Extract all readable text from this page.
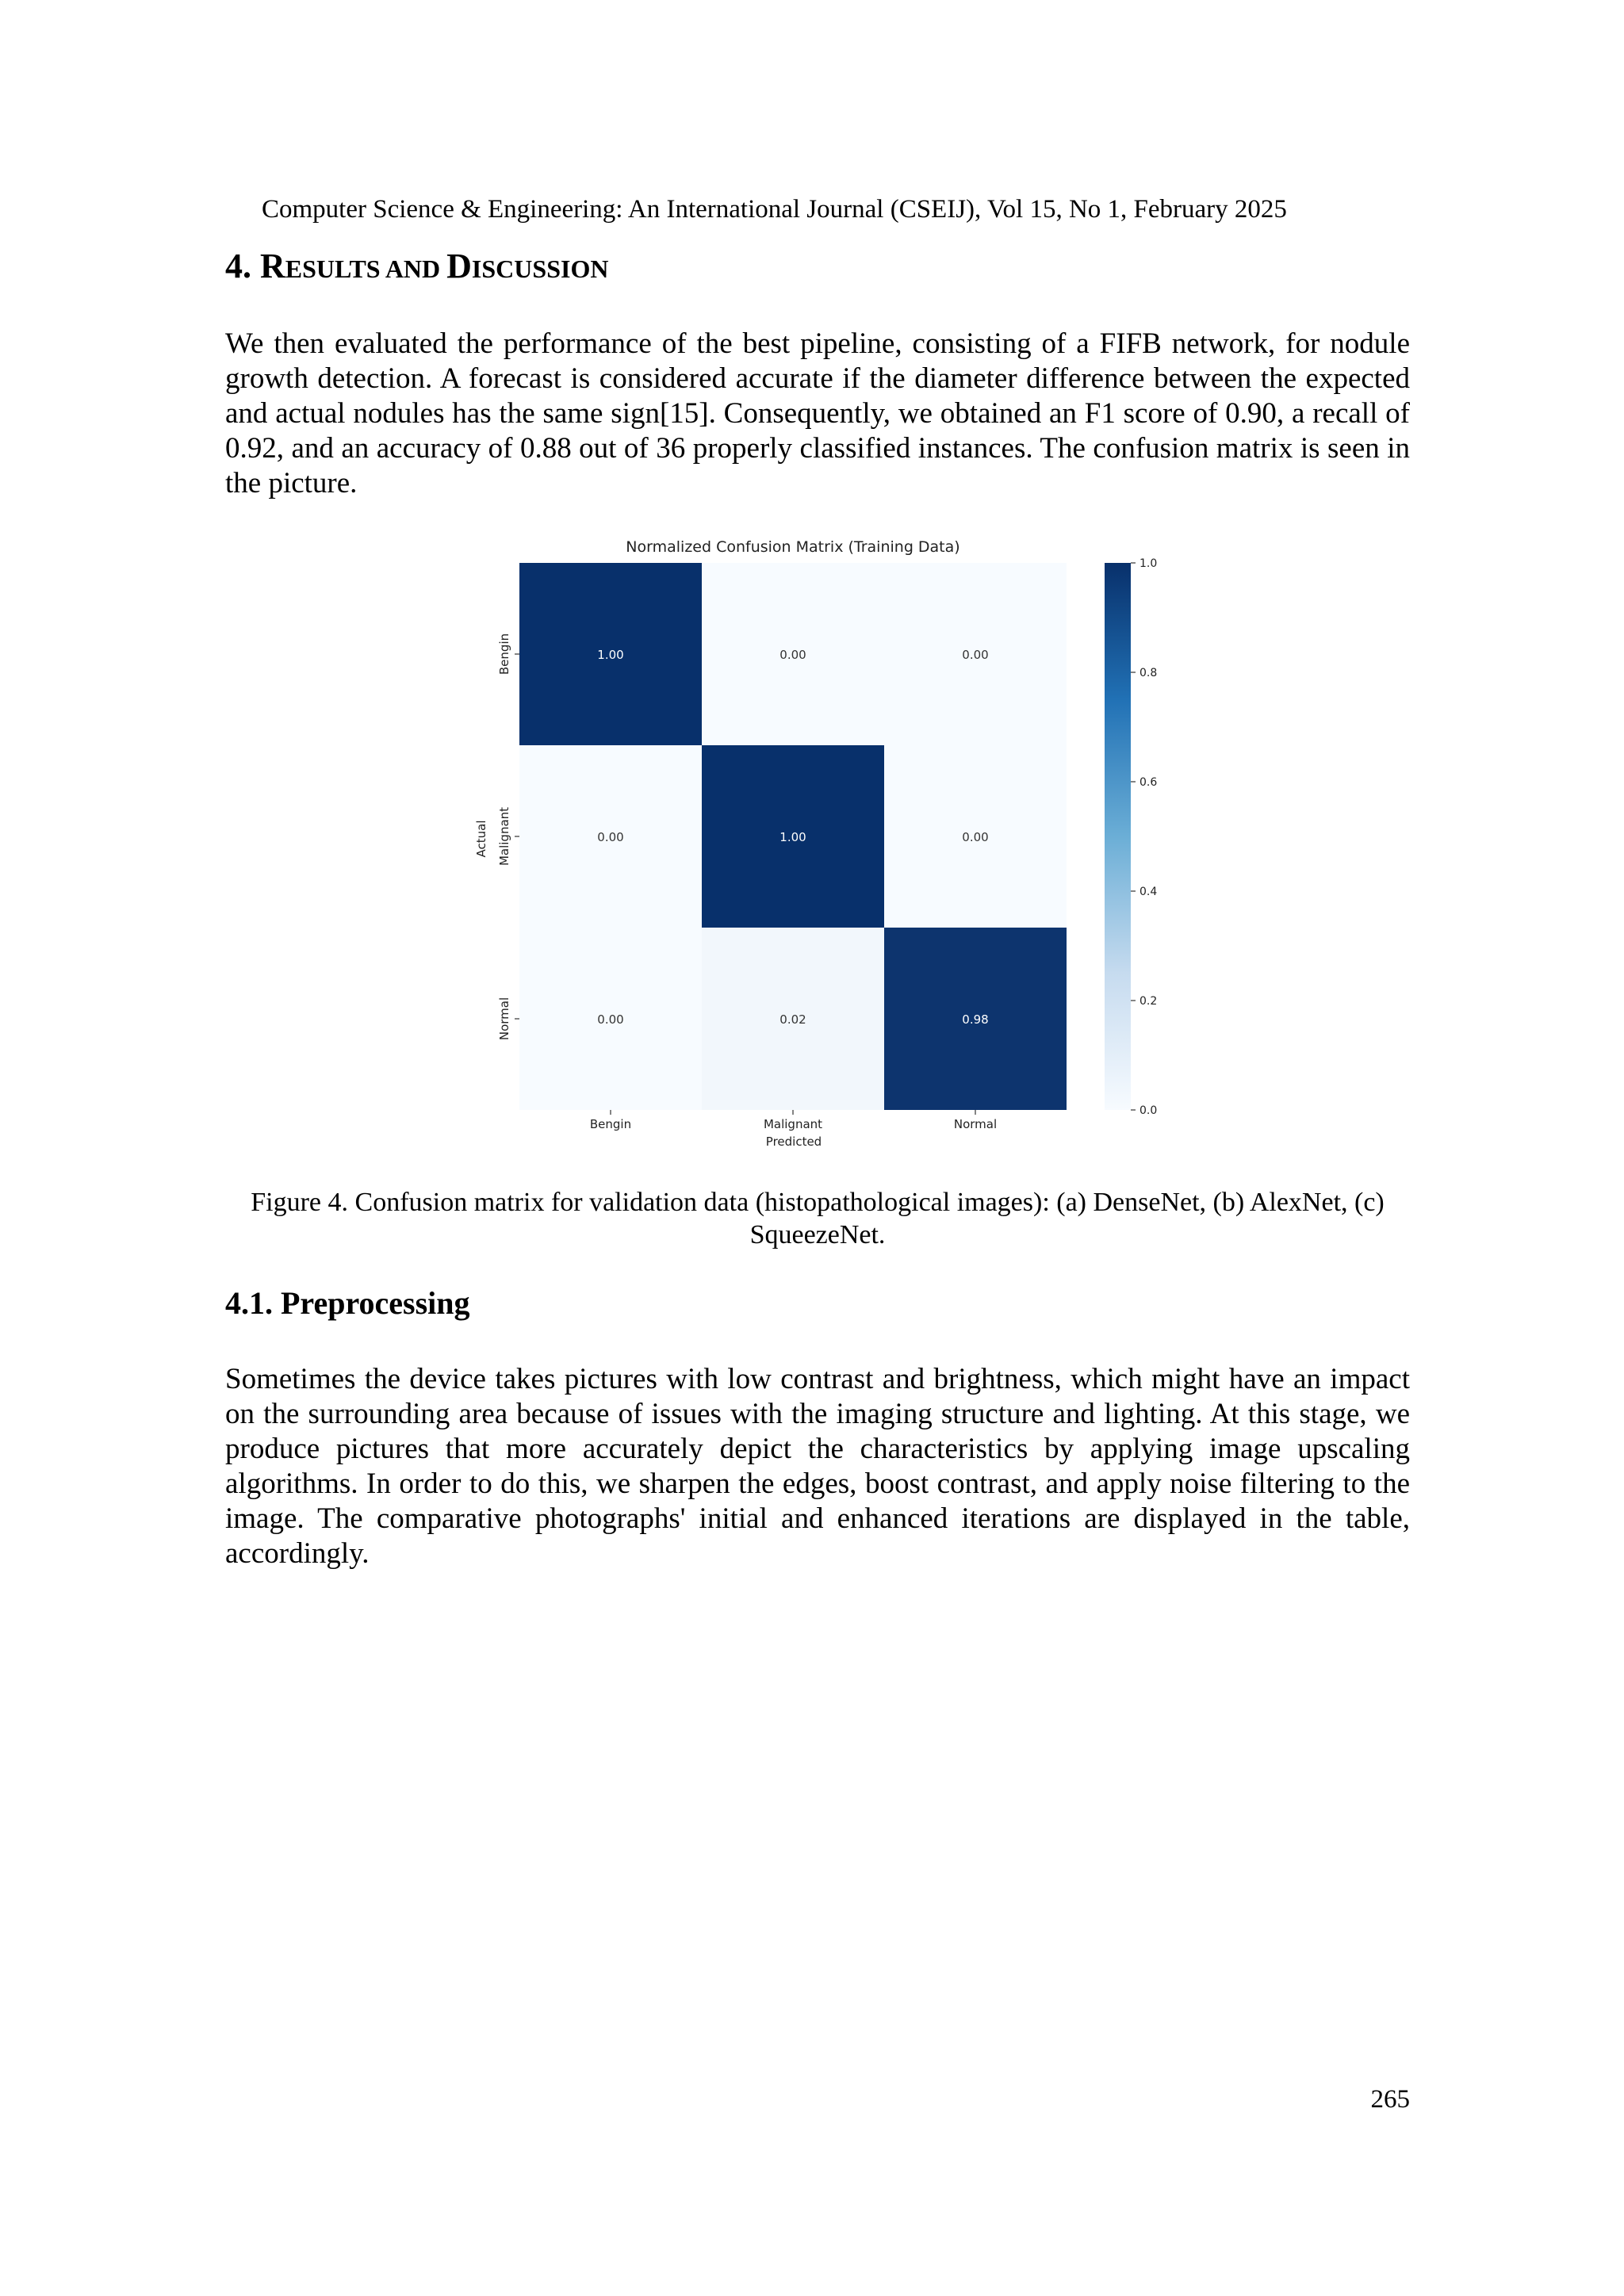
Computer Science & Engineering: An International Journal (CSEIJ), Vol 15, No 1, February 2025
4. RESULTS AND DISCUSSION

We then evaluated the performance of the best pipeline, consisting of a FIFB network, for nodule growth detection. A forecast is considered accurate if the diameter difference between the expected and actual nodules has the same sign[15]. Consequently, we obtained an F1 score of 0.90, a recall of 0.92, and an accuracy of 0.88 out of 36 properly classified instances. The confusion matrix is seen in the picture.

Normalized Confusion Matrix (Training Data)
1.00	0.00	0.00
0.00	1.00	0.00
0.00	0.02	0.98
Bengin
Malignant
Normal
Bengin	Malignant	Normal
Predicted
Actual
0.0
0.2
0.4
0.6
0.8
1.0

Figure 4. Confusion matrix for validation data (histopathological images): (a) DenseNet, (b) AlexNet, (c) SqueezeNet.

4.1. Preprocessing

Sometimes the device takes pictures with low contrast and brightness, which might have an impact on the surrounding area because of issues with the imaging structure and lighting. At this stage, we produce pictures that more accurately depict the characteristics by applying image upscaling algorithms. In order to do this, we sharpen the edges, boost contrast, and apply noise filtering to the image. The comparative photographs' initial and enhanced iterations are displayed in the table, accordingly.

265
